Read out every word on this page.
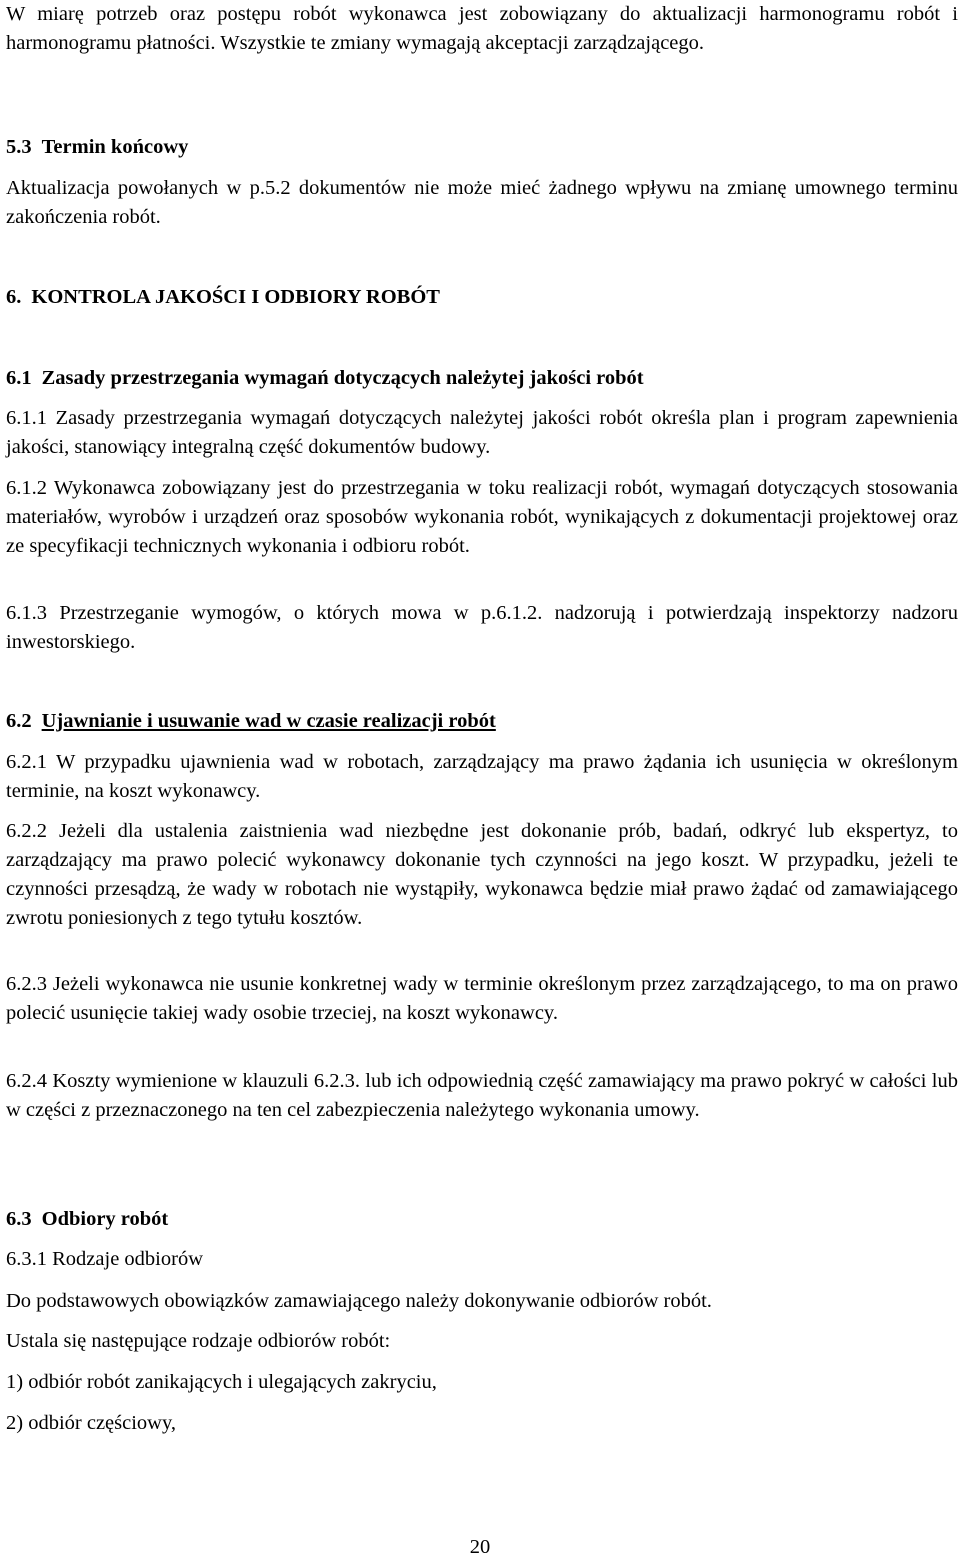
W miarę potrzeb oraz postępu robót wykonawca jest zobowiązany do aktualizacji harmonogramu robót i harmonogramu płatności. Wszystkie te zmiany wymagają akceptacji zarządzającego.

5.3 Termin końcowy

Aktualizacja powołanych w p.5.2 dokumentów nie może mieć żadnego wpływu na zmianę umownego terminu zakończenia robót.

6. KONTROLA JAKOŚCI I ODBIORY ROBÓT
6.1 Zasady przestrzegania wymagań dotyczących należytej jakości robót

6.1.1 Zasady przestrzegania wymagań dotyczących należytej jakości robót określa plan i program zapewnienia jakości, stanowiący integralną część dokumentów budowy.

6.1.2 Wykonawca zobowiązany jest do przestrzegania w toku realizacji robót, wymagań dotyczących stosowania materiałów, wyrobów i urządzeń oraz sposobów wykonania robót, wynikających z dokumentacji projektowej oraz ze specyfikacji technicznych wykonania i odbioru robót.

6.1.3 Przestrzeganie wymogów, o których mowa w p.6.1.2. nadzorują i potwierdzają inspektorzy nadzoru inwestorskiego.

6.2 Ujawnianie i usuwanie wad w czasie realizacji robót

6.2.1 W przypadku ujawnienia wad w robotach, zarządzający ma prawo żądania ich usunięcia w określonym terminie, na koszt wykonawcy.

6.2.2 Jeżeli dla ustalenia zaistnienia wad niezbędne jest dokonanie prób, badań, odkryć lub ekspertyz, to zarządzający ma prawo polecić wykonawcy dokonanie tych czynności na jego koszt. W przypadku, jeżeli te czynności przesądzą, że wady w robotach nie wystąpiły, wykonawca będzie miał prawo żądać od zamawiającego zwrotu poniesionych z tego tytułu kosztów.

6.2.3 Jeżeli wykonawca nie usunie konkretnej wady w terminie określonym przez zarządzającego, to ma on prawo polecić usunięcie takiej wady osobie trzeciej, na koszt wykonawcy.

6.2.4 Koszty wymienione w klauzuli 6.2.3. lub ich odpowiednią część zamawiający ma prawo pokryć w całości lub w części z przeznaczonego na ten cel zabezpieczenia należytego wykonania umowy.

6.3 Odbiory robót

6.3.1 Rodzaje odbiorów

Do podstawowych obowiązków zamawiającego należy dokonywanie odbiorów robót.

Ustala się następujące rodzaje odbiorów robót:

1) odbiór robót zanikających i ulegających zakryciu,

2) odbiór częściowy,

20
